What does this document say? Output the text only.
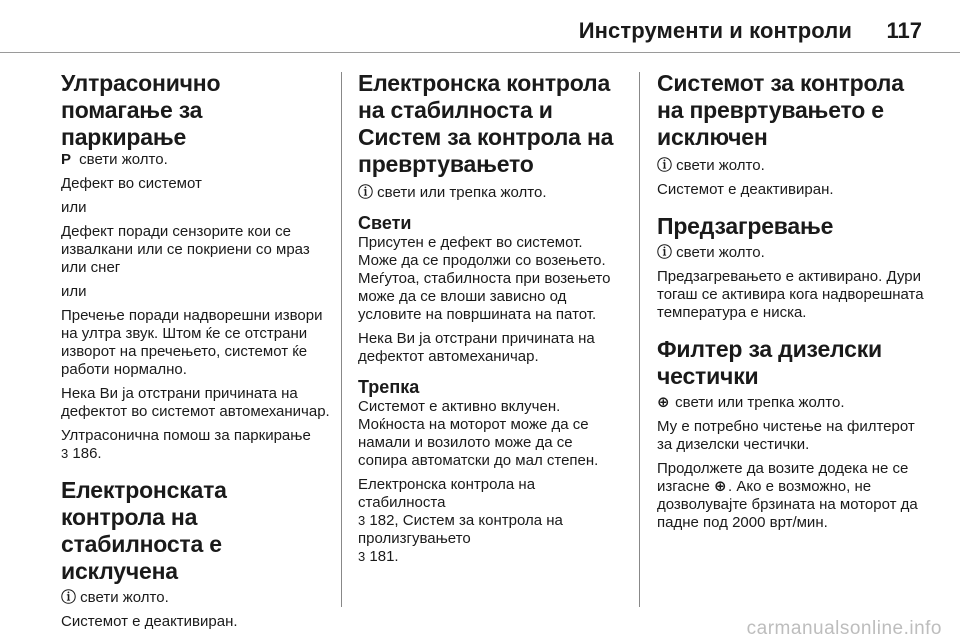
Инструменти и контроли 117
Ултрасонично помагање за паркирање

P свети жолто.

Дефект во системот

или

Дефект поради сензорите кои се извалкани или се покриени со мраз или снег

или

Пречење поради надворешни извори на ултра звук. Штом ќе се отстрани изворот на пречењето, системот ќе работи нормално.

Нека Ви ја отстрани причината на дефектот во системот автомеханичар.

Ултрасонична помош за паркирање
3 186.

Електронската контрола на стабилноста е исклучена

ⓘ свети жолто.

Системот е деактивиран.

Електронска контрола на стабилноста и Систем за контрола на превртувањето

ⓘ свети или трепка жолто.

Свети

Присутен е дефект во системот. Може да се продолжи со возењето. Меѓутоа, стабилноста при возењето може да се влоши зависно од условите на површината на патот.

Нека Ви ја отстрани причината на дефектот автомеханичар.

Трепка

Системот е активно вклучен. Моќноста на моторот може да се намали и возилото може да се сопира автоматски до мал степен.

Електронска контрола на стабилноста
3 182, Систем за контрола на пролизгувањето
3 181.

Системот за контрола на превртувањето е исключен

ⓘ свети жолто.

Системот е деактивиран.

Предзагревање

ⓘ свети жолто.

Предзагревањето е активирано. Дури тогаш се активира кога надворешната температура е ниска.

Филтер за дизелски честички

⊕ свети или трепка жолто.

Му е потребно чистење на филтерот за дизелски честички.

Продолжете да возите додека не се изгасне ⊕. Ако е возможно, не дозволувајте брзината на моторот да падне под 2000 врт/мин.

carmanualsonline.info
